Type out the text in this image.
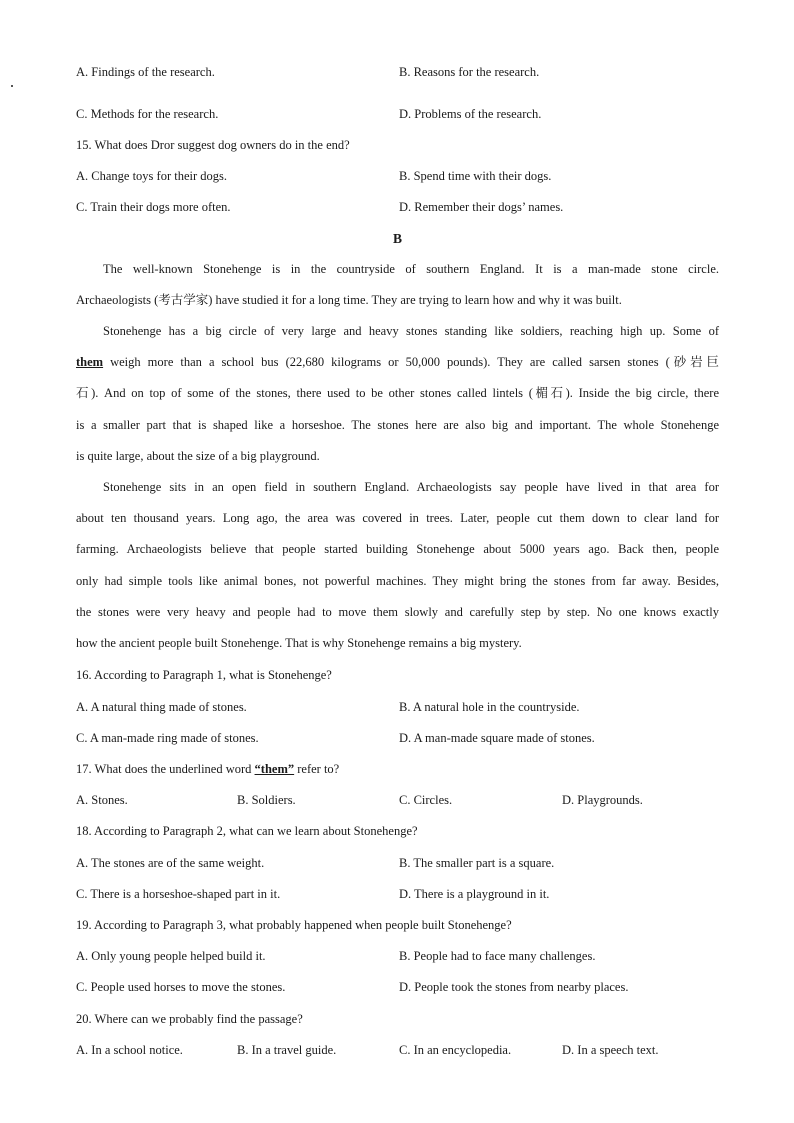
A. Findings of the research.	B. Reasons for the research.
C. Methods for the research.	D. Problems of the research.
15. What does Dror suggest dog owners do in the end?
A. Change toys for their dogs.	B. Spend time with their dogs.
C. Train their dogs more often.	D. Remember their dogs’ names.
B
The well-known Stonehenge is in the countryside of southern England. It is a man-made stone circle.
Archaeologists (考古学家) have studied it for a long time. They are trying to learn how and why it was built.
Stonehenge has a big circle of very large and heavy stones standing like soldiers, reaching high up. Some of
them weigh more than a school bus (22,680 kilograms or 50,000 pounds). They are called sarsen stones (砂岩巨
石). And on top of some of the stones, there used to be other stones called lintels (楣石). Inside the big circle, there
is a smaller part that is shaped like a horseshoe. The stones here are also big and important. The whole Stonehenge
is quite large, about the size of a big playground.
Stonehenge sits in an open field in southern England. Archaeologists say people have lived in that area for
about ten thousand years. Long ago, the area was covered in trees. Later, people cut them down to clear land for
farming. Archaeologists believe that people started building Stonehenge about 5000 years ago. Back then, people
only had simple tools like animal bones, not powerful machines. They might bring the stones from far away. Besides,
the stones were very heavy and people had to move them slowly and carefully step by step. No one knows exactly
how the ancient people built Stonehenge. That is why Stonehenge remains a big mystery.
16. According to Paragraph 1, what is Stonehenge?
A. A natural thing made of stones.	B. A natural hole in the countryside.
C. A man-made ring made of stones.	D. A man-made square made of stones.
17. What does the underlined word “them” refer to?
A. Stones.	B. Soldiers.	C. Circles.	D. Playgrounds.
18. According to Paragraph 2, what can we learn about Stonehenge?
A. The stones are of the same weight.	B. The smaller part is a square.
C. There is a horseshoe-shaped part in it.	D. There is a playground in it.
19. According to Paragraph 3, what probably happened when people built Stonehenge?
A. Only young people helped build it.	B. People had to face many challenges.
C. People used horses to move the stones.	D. People took the stones from nearby places.
20. Where can we probably find the passage?
A. In a school notice.	B. In a travel guide.	C. In an encyclopedia.	D. In a speech text.
